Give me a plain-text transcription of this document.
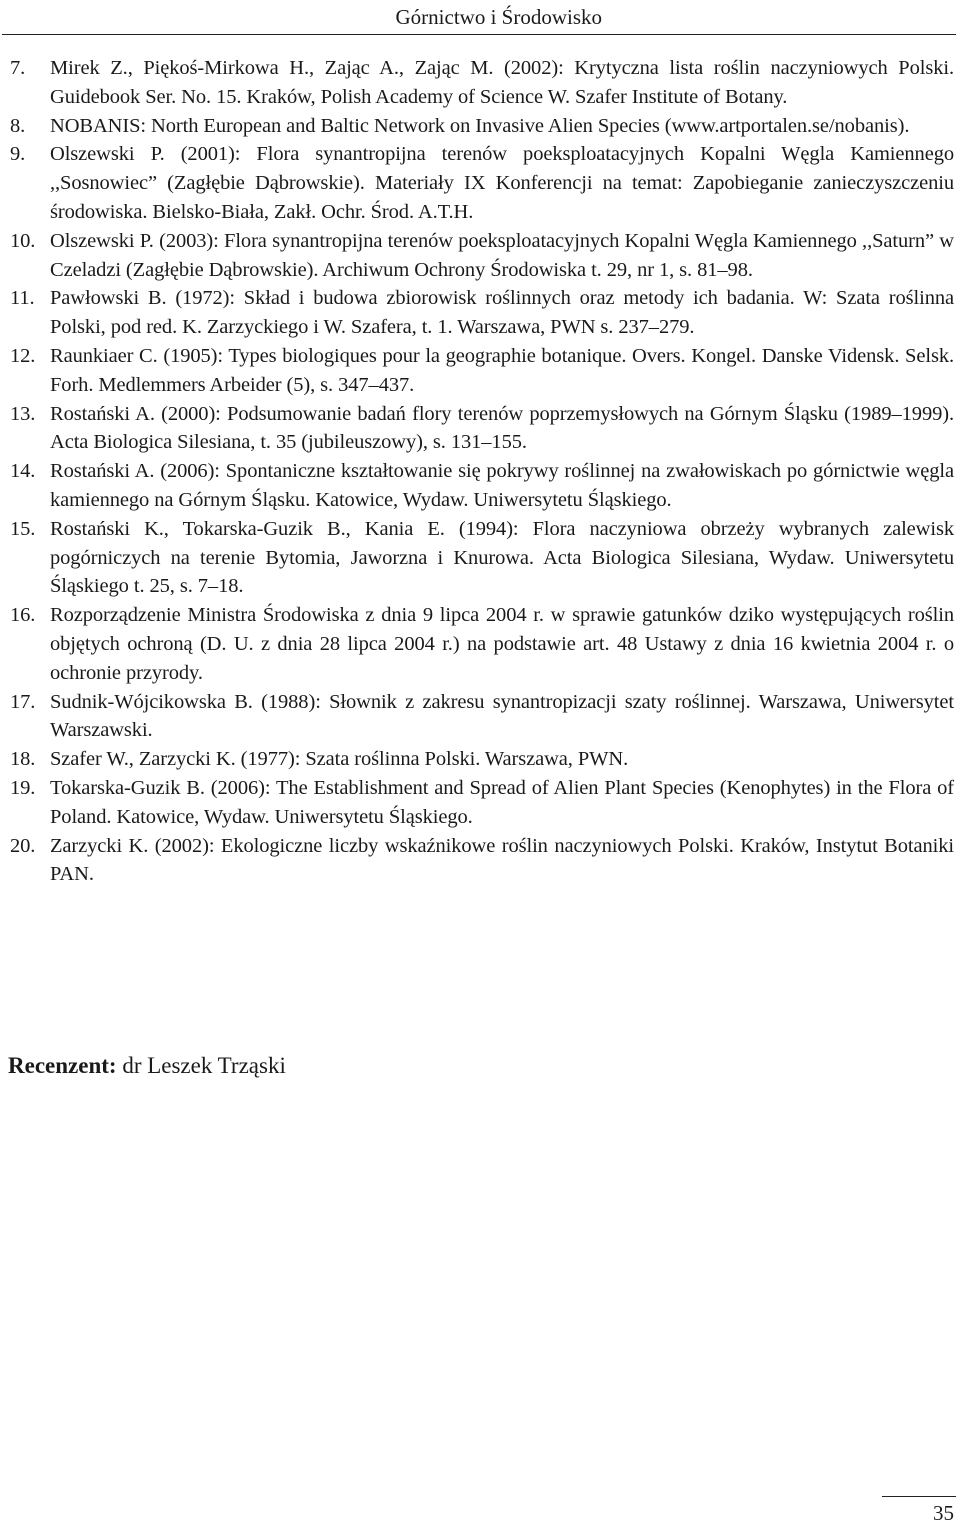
Górnictwo i Środowisko
7.	Mirek Z., Piękoś-Mirkowa H., Zając A., Zając M. (2002): Krytyczna lista roślin naczyniowych Polski. Guidebook Ser. No. 15. Kraków, Polish Academy of Science W. Szafer Institute of Botany.
8.	NOBANIS: North European and Baltic Network on Invasive Alien Species (www.artportalen.se/nobanis).
9.	Olszewski P. (2001): Flora synantropijna terenów poeksploatacyjnych Kopalni Węgla Kamiennego ,,Sosnowiec” (Zagłębie Dąbrowskie). Materiały IX Konferencji na temat: Zapobieganie zanieczyszczeniu środowiska. Bielsko-Biała, Zakł. Ochr. Środ. A.T.H.
10. Olszewski P. (2003): Flora synantropijna terenów poeksploatacyjnych Kopalni Węgla Kamiennego ,,Saturn” w Czeladzi (Zagłębie Dąbrowskie). Archiwum Ochrony Środowiska t. 29, nr 1, s. 81–98.
11. Pawłowski B. (1972): Skład i budowa zbiorowisk roślinnych oraz metody ich badania. W: Szata roślinna Polski, pod red. K. Zarzyckiego i W. Szafera, t. 1. Warszawa, PWN s. 237–279.
12. Raunkiaer C. (1905): Types biologiques pour la geographie botanique. Overs. Kongel. Danske Vidensk. Selsk. Forh. Medlemmers Arbeider (5), s. 347–437.
13. Rostański A. (2000): Podsumowanie badań flory terenów poprzemysłowych na Górnym Śląsku (1989–1999). Acta Biologica Silesiana, t. 35 (jubileuszowy), s. 131–155.
14. Rostański A. (2006): Spontaniczne kształtowanie się pokrywy roślinnej na zwałowiskach po górnictwie węgla kamiennego na Górnym Śląsku. Katowice, Wydaw. Uniwersytetu Śląskiego.
15. Rostański K., Tokarska-Guzik B., Kania E. (1994): Flora naczyniowa obrzeży wybranych zalewisk pogórniczych na terenie Bytomia, Jaworzna i Knurowa. Acta Biologica Silesiana, Wydaw. Uniwersytetu Śląskiego t. 25, s. 7–18.
16. Rozporządzenie Ministra Środowiska z dnia 9 lipca 2004 r. w sprawie gatunków dziko występujących roślin objętych ochroną (D. U. z dnia 28 lipca 2004 r.) na podstawie art. 48 Ustawy z dnia 16 kwietnia 2004 r. o ochronie przyrody.
17. Sudnik-Wójcikowska B. (1988): Słownik z zakresu synantropizacji szaty roślinnej. Warszawa, Uniwersytet Warszawski.
18. Szafer W., Zarzycki K. (1977): Szata roślinna Polski. Warszawa, PWN.
19. Tokarska-Guzik B. (2006): The Establishment and Spread of Alien Plant Species (Kenophytes) in the Flora of Poland. Katowice, Wydaw. Uniwersytetu Śląskiego.
20. Zarzycki K. (2002): Ekologiczne liczby wskaźnikowe roślin naczyniowych Polski. Kraków, Instytut Botaniki PAN.
Recenzent: dr Leszek Trząski
35
